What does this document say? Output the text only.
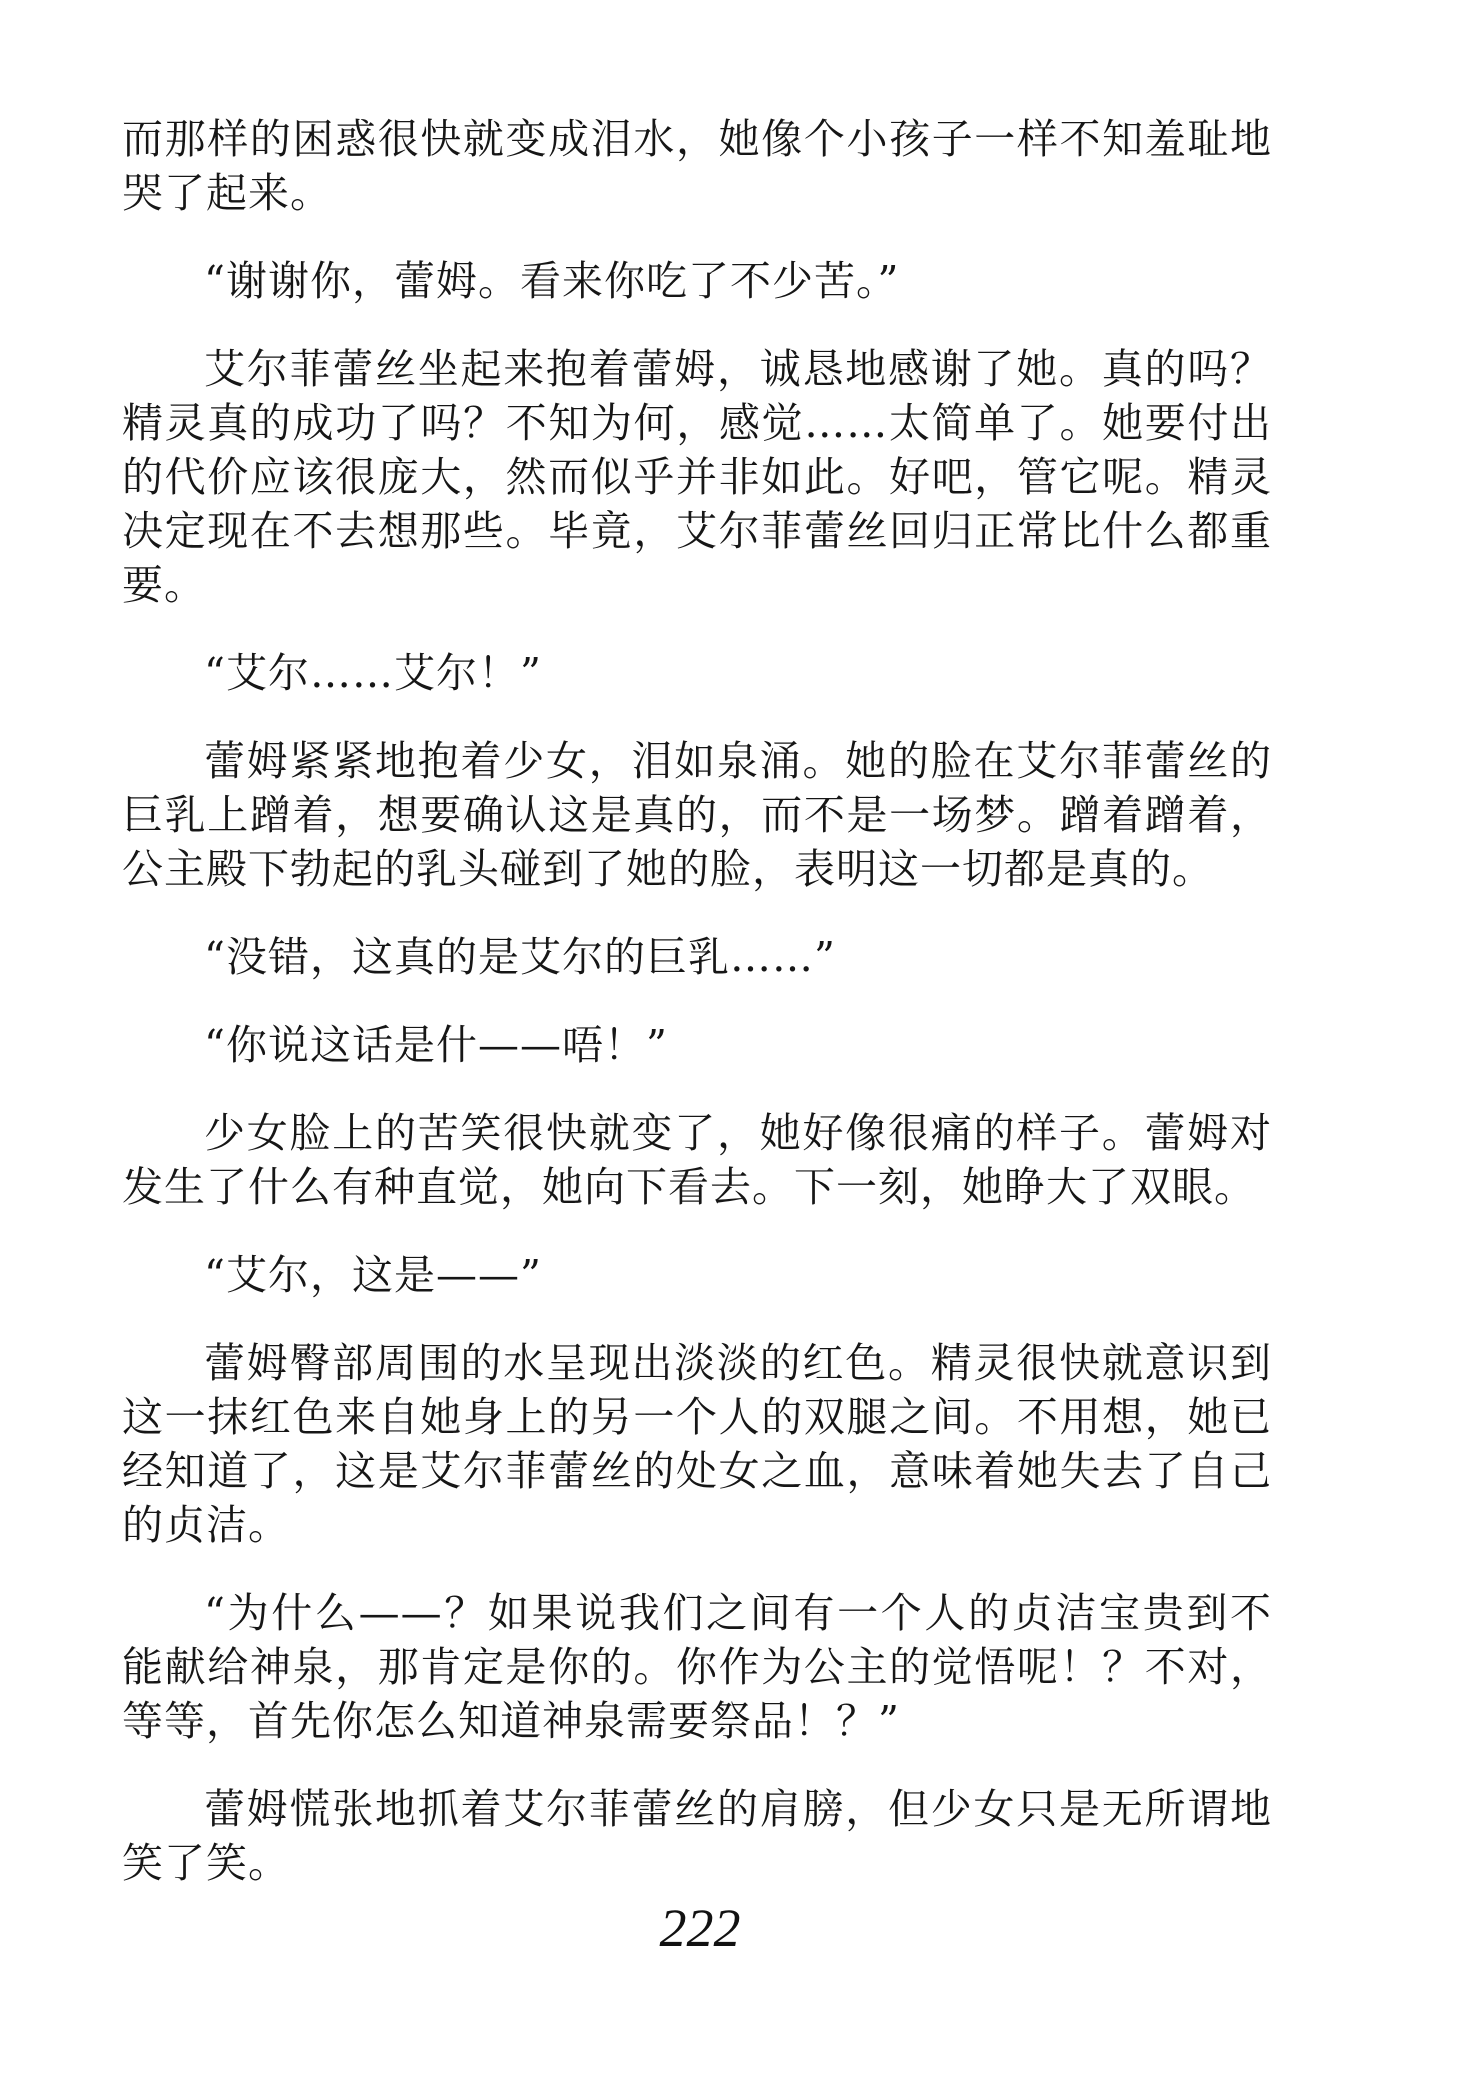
而那样的困惑很快就变成泪水，她像个小孩子一样不知羞耻地哭了起来。

“谢谢你，蕾姆。看来你吃了不少苦。”

艾尔菲蕾丝坐起来抱着蕾姆，诚恳地感谢了她。真的吗？精灵真的成功了吗？不知为何，感觉……太简单了。她要付出的代价应该很庞大，然而似乎并非如此。好吧，管它呢。精灵决定现在不去想那些。毕竟，艾尔菲蕾丝回归正常比什么都重要。

“艾尔……艾尔！”

蕾姆紧紧地抱着少女，泪如泉涌。她的脸在艾尔菲蕾丝的巨乳上蹭着，想要确认这是真的，而不是一场梦。蹭着蹭着，公主殿下勃起的乳头碰到了她的脸，表明这一切都是真的。

“没错，这真的是艾尔的巨乳……”

“你说这话是什——唔！”

少女脸上的苦笑很快就变了，她好像很痛的样子。蕾姆对发生了什么有种直觉，她向下看去。下一刻，她睁大了双眼。

“艾尔，这是——”

蕾姆臀部周围的水呈现出淡淡的红色。精灵很快就意识到这一抹红色来自她身上的另一个人的双腿之间。不用想，她已经知道了，这是艾尔菲蕾丝的处女之血，意味着她失去了自己的贞洁。

“为什么——？如果说我们之间有一个人的贞洁宝贵到不能献给神泉，那肯定是你的。你作为公主的觉悟呢！？不对，等等，首先你怎么知道神泉需要祭品！？”

蕾姆慌张地抓着艾尔菲蕾丝的肩膀，但少女只是无所谓地笑了笑。

222
